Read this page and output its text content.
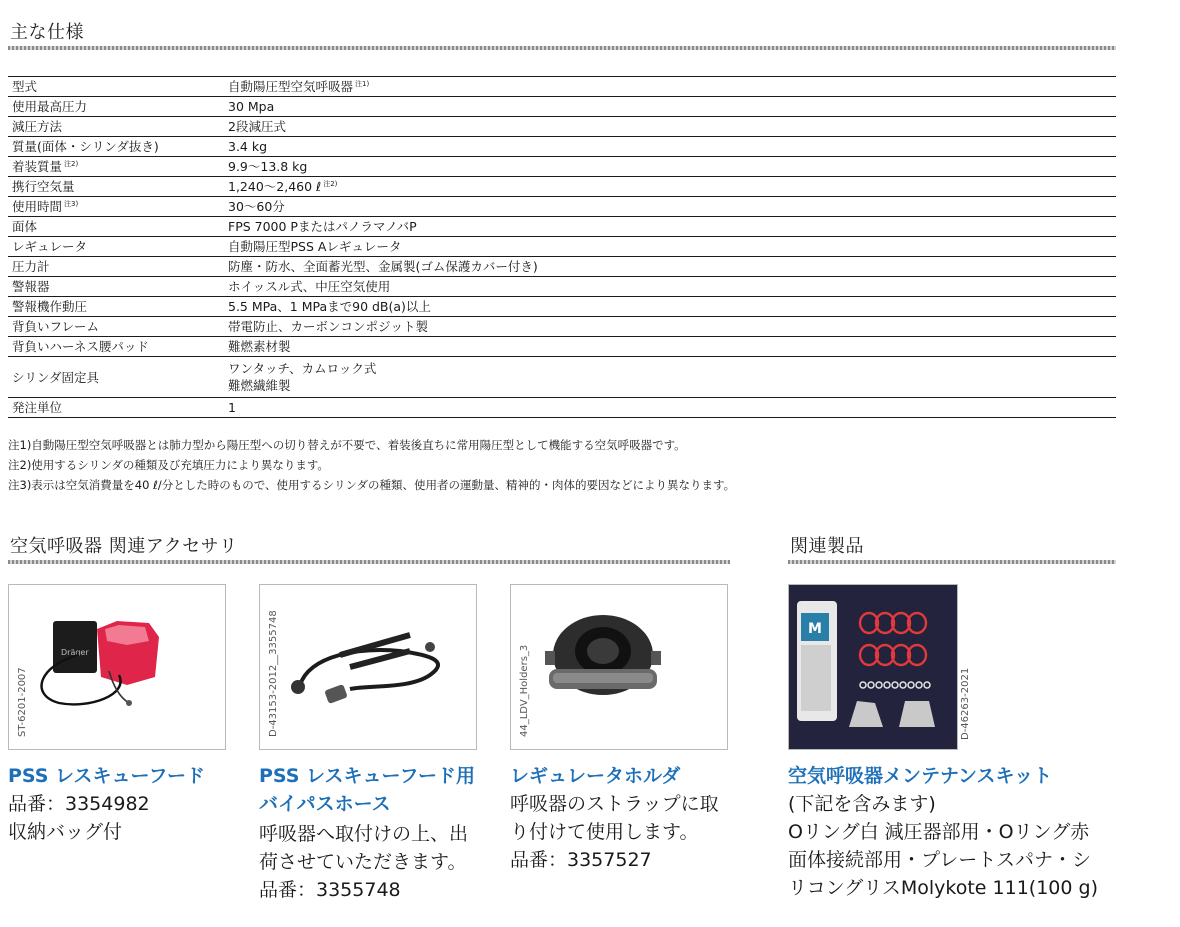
主な仕様
型式	自動陽圧型空気呼吸器 $^{注1)}$
使用最高圧力	30 Mpa
減圧方法	2段減圧式
質量(面体・シリンダ抜き)	3.4 kg
着装質量 $^{注2)}$	9.9～13.8 kg
携行空気量	1,240～2,460 ℓ $^{注2)}$
使用時間 $^{注3)}$	30～60分
面体	FPS 7000 PまたはパノラマノバP
レギュレータ	自動陽圧型PSS Aレギュレータ
圧力計	防塵・防水、全面蓄光型、金属製(ゴム保護カバー付き)
警報器	ホイッスル式、中圧空気使用
警報機作動圧	5.5 MPa、1 MPaまで90 dB(a)以上
背負いフレーム	帯電防止、カーボンコンポジット製
背負いハーネス腰パッド	難燃素材製
シリンダ固定具	ワンタッチ、カムロック式
難燃繊維製

発注単位	1
注1)自動陽圧型空気呼吸器とは肺力型から陽圧型への切り替えが不要で、着装後直ちに常用陽圧型として機能する空気呼吸器です。
注2)使用するシリンダの種類及び充填圧力により異なります。
注3)表示は空気消費量を40 ℓ/分とした時のもので、使用するシリンダの種類、使用者の運動量、精神的・肉体的要因などにより異なります。
空気呼吸器 関連アクセサリ	関連製品
Dräger
ST-6201-2007	D-43153-2012__3355748	44_LDV_Holders_3
M
D-46263-2021
PSS レスキューフード
品番：3354982
収納バッグ付
PSS レスキューフード用
バイパスホース
呼吸器へ取付けの上、出
荷させていただきます。
品番：3355748
レギュレータホルダ
呼吸器のストラップに取
り付けて使用します。
品番：3357527
空気呼吸器メンテナンスキット
(下記を含みます)
Oリング白 減圧器部用・Oリング赤
面体接続部用・プレートスパナ・シ
リコングリスMolykote 111(100 g)
